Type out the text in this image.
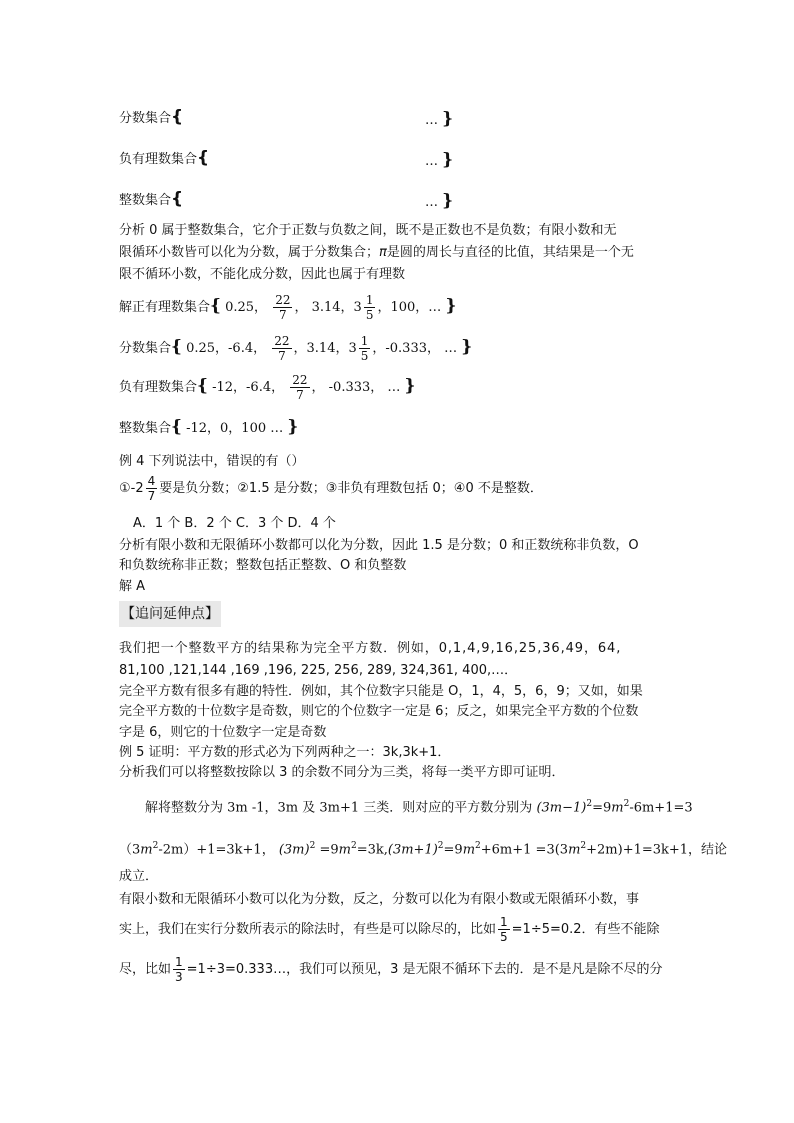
分数集合{	… }
负有理数集合{	… }
整数集合{	… }
分析 0 属于整数集合，它介于正数与负数之间，既不是正数也不是负数；有限小数和无
限循环小数皆可以化为分数，属于分数集合；π是圆的周长与直径的比值，其结果是一个无
限不循环小数，不能化成分数，因此也属于有理数
解正有理数集合{ 0.25， $\frac{22}{7}$ ， 3.14，$3 \frac{1}{5}$ ，100，… }
分数集合{ 0.25，-6.4， $\frac{22}{7}$ ，3.14，$3 \frac{1}{5}$ ，-0.333， … }
负有理数集合{ -12，-6.4， $\frac{22}{7}$ ， -0.333， … }
整数集合{ -12，0，100 … }
例 4 下列说法中，错误的有（）
①-2 $\frac{4}{7}$ 要是负分数；②1.5 是分数；③非负有理数包括 0；④0 不是整数．
A．1 个 B．2 个 C．3 个 D．4 个
分析有限小数和无限循环小数都可以化为分数，因此 1.5 是分数；0 和正数统称非负数，O
和负数统称非正数；整数包括正整数、O 和负整数
解 A
【追问延伸点】
我们把一个整数平方的结果称为完全平方数．例如，0,1,4,9,16,25,36,49，64,
81,100 ,121,144 ,169 ,196, 225, 256, 289, 324,361, 400,…．
完全平方数有很多有趣的特性．例如，其个位数字只能是 O，1，4，5，6，9；又如，如果
完全平方数的十位数字是奇数，则它的个位数字一定是 6；反之，如果完全平方数的个位数
字是 6，则它的十位数字一定是奇数
例 5 证明：平方数的形式必为下列两种之一：3k,3k+1．
分析我们可以将整数按除以 3 的余数不同分为三类，将每一类平方即可证明．
解将整数分为 3m -1，3m 及 3m+1 三类．则对应的平方数分别为 $(3m-1)^2=9m^2-6m+1=3$
$(3m^2-2m)+1=3k+1$， $(3m)^2 =9m^2=3k,(3m+1)^2=9m^2+6m+1 =3(3m^2+2m)+1=3k+1$，结论
成立．
有限小数和无限循环小数可以化为分数，反之，分数可以化为有限小数或无限循环小数，事
实上，我们在实行分数所表示的除法时，有些是可以除尽的，比如 $\frac{1}{5} =1\div 5=0.2$．有些不能除
尽，比如 $\frac{1}{3}$ =1÷3=0.333…，我们可以预见，3 是无限不循环下去的．是不是凡是除不尽的分
